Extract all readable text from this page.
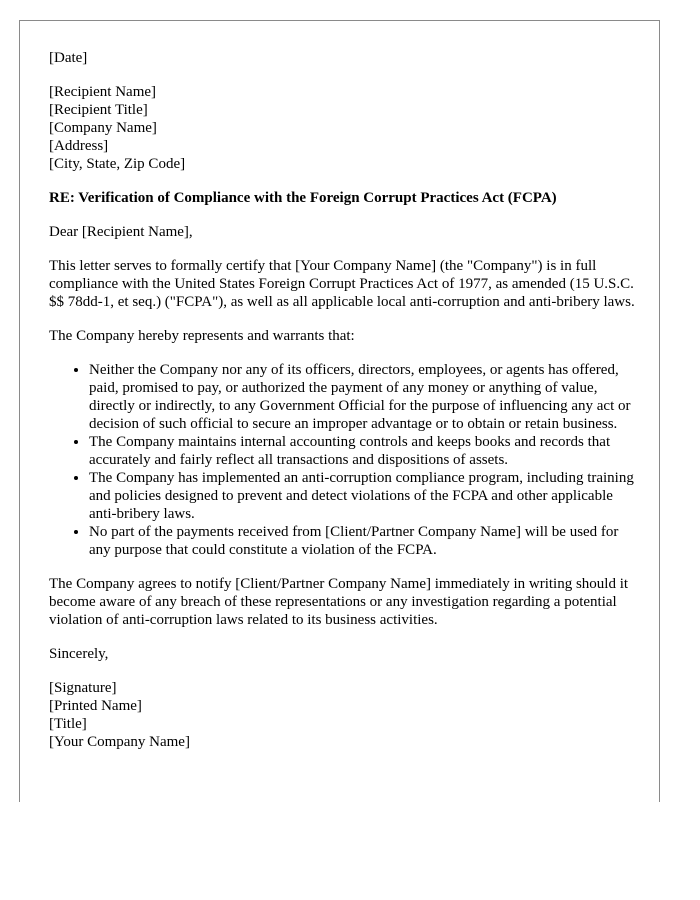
[Date]
[Recipient Name]
[Recipient Title]
[Company Name]
[Address]
[City, State, Zip Code]

RE: Verification of Compliance with the Foreign Corrupt Practices Act (FCPA)

Dear [Recipient Name],

This letter serves to formally certify that [Your Company Name] (the "Company") is in full compliance with the United States Foreign Corrupt Practices Act of 1977, as amended (15 U.S.C. $$ 78dd-1, et seq.) ("FCPA"), as well as all applicable local anti-corruption and anti-bribery laws.

The Company hereby represents and warrants that:

• Neither the Company nor any of its officers, directors, employees, or agents has offered, paid, promised to pay, or authorized the payment of any money or anything of value, directly or indirectly, to any Government Official for the purpose of influencing any act or decision of such official to secure an improper advantage or to obtain or retain business.
• The Company maintains internal accounting controls and keeps books and records that accurately and fairly reflect all transactions and dispositions of assets.
• The Company has implemented an anti-corruption compliance program, including training and policies designed to prevent and detect violations of the FCPA and other applicable anti-bribery laws.
• No part of the payments received from [Client/Partner Company Name] will be used for any purpose that could constitute a violation of the FCPA.

The Company agrees to notify [Client/Partner Company Name] immediately in writing should it become aware of any breach of these representations or any investigation regarding a potential violation of anti-corruption laws related to its business activities.

Sincerely,

[Signature]
[Printed Name]
[Title]
[Your Company Name]
